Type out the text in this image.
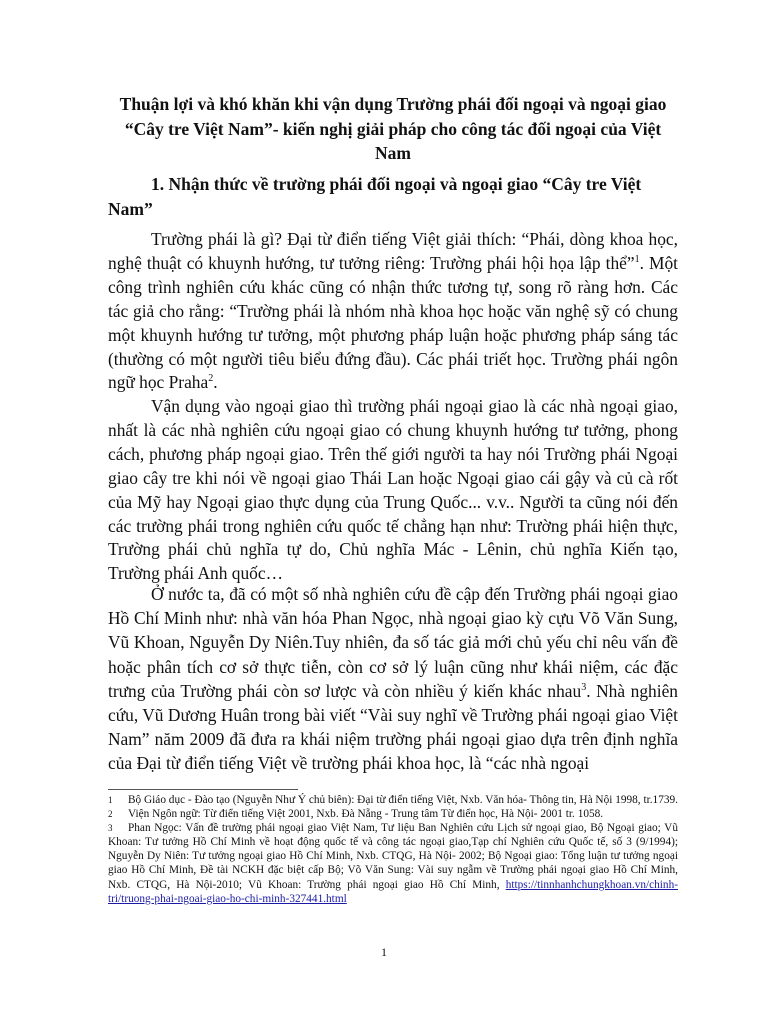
Thuận lợi và khó khăn khi vận dụng Trường phái đối ngoại và ngoại giao “Cây tre Việt Nam”- kiến nghị giải pháp cho công tác đối ngoại của Việt Nam
1. Nhận thức về trường phái đối ngoại và ngoại giao “Cây tre Việt Nam”
Trường phái là gì? Đại từ điển tiếng Việt giải thích: “Phái, dòng khoa học, nghệ thuật có khuynh hướng, tư tưởng riêng: Trường phái hội họa lập thể”$^1$. Một công trình nghiên cứu khác cũng có nhận thức tương tự, song rõ ràng hơn. Các tác giả cho rằng: “Trường phái là nhóm nhà khoa học hoặc văn nghệ sỹ có chung một khuynh hướng tư tưởng, một phương pháp luận hoặc phương pháp sáng tác (thường có một người tiêu biểu đứng đầu). Các phái triết học. Trường phái ngôn ngữ học Praha$^2$.
Vận dụng vào ngoại giao thì trường phái ngoại giao là các nhà ngoại giao, nhất là các nhà nghiên cứu ngoại giao có chung khuynh hướng tư tưởng, phong cách, phương pháp ngoại giao. Trên thế giới người ta hay nói Trường phái Ngoại giao cây tre khi nói về ngoại giao Thái Lan hoặc Ngoại giao cái gậy và củ cà rốt của Mỹ hay Ngoại giao thực dụng của Trung Quốc... v.v.. Người ta cũng nói đến các trường phái trong nghiên cứu quốc tế chẳng hạn như: Trường phái hiện thực, Trường phái chủ nghĩa tự do, Chủ nghĩa Mác - Lênin, chủ nghĩa Kiến tạo, Trường phái Anh quốc…
Ở nước ta, đã có một số nhà nghiên cứu đề cập đến Trường phái ngoại giao Hồ Chí Minh như: nhà văn hóa Phan Ngọc, nhà ngoại giao kỳ cựu Võ Văn Sung, Vũ Khoan, Nguyễn Dy Niên.Tuy nhiên, đa số tác giả mới chủ yếu chỉ nêu vấn đề hoặc phân tích cơ sở thực tiễn, còn cơ sở lý luận cũng như khái niệm, các đặc trưng của Trường phái còn sơ lược và còn nhiều ý kiến khác nhau$^3$. Nhà nghiên cứu, Vũ Dương Huân trong bài viết “Vài suy nghĩ về Trường phái ngoại giao Việt Nam” năm 2009 đã đưa ra khái niệm trường phái ngoại giao dựa trên định nghĩa của Đại từ điển tiếng Việt về trường phái khoa học, là “các nhà ngoại
1 Bộ Giáo dục - Đào tạo (Nguyễn Như Ý chủ biên): Đại từ điển tiếng Việt, Nxb. Văn hóa- Thông tin, Hà Nội 1998, tr.1739.
2 Viện Ngôn ngữ: Từ điển tiếng Việt 2001, Nxb. Đà Nẵng - Trung tâm Từ điển học, Hà Nội- 2001 tr. 1058.
3 Phan Ngọc: Vấn đề trường phái ngoại giao Việt Nam, Tư liệu Ban Nghiên cứu Lịch sử ngoại giao, Bộ Ngoại giao; Vũ Khoan: Tư tưởng Hồ Chí Minh về hoạt động quốc tế và công tác ngoại giao,Tạp chí Nghiên cứu Quốc tế, số 3 (9/1994); Nguyễn Dy Niên: Tư tưởng ngoại giao Hồ Chí Minh, Nxb. CTQG, Hà Nội- 2002; Bộ Ngoại giao: Tổng luận tư tưởng ngoại giao Hồ Chí Minh, Đề tài NCKH đặc biệt cấp Bộ; Võ Văn Sung: Vài suy ngẫm về Trường phái ngoại giao Hồ Chí Minh, Nxb. CTQG, Hà Nội-2010; Vũ Khoan: Trường phái ngoại giao Hồ Chí Minh, https://tinnhanhchungkhoan.vn/chinh-tri/truong-phai-ngoai-giao-ho-chi-minh-327441.html
1
